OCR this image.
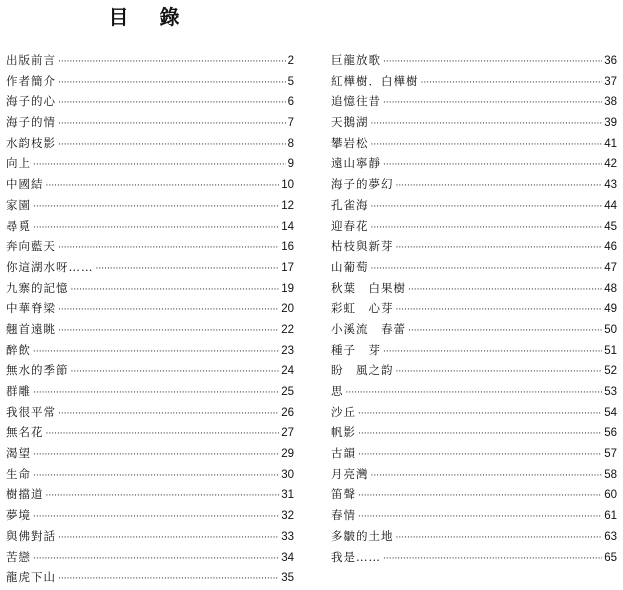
目 錄
出版前言 ·····	2
作者簡介 ·····	5
海子的心 ·····	6
海子的情 ·····	7
水韵枝影 ·····	8
向上 ·····	9
中國結 ·····	10
家園 ·····	12
尋覓 ·····	14
奔向藍天 ·····	16
你這湖水呀…… ·····	17
九寨的記憶 ·····	19
中華脊梁 ·····	20
翹首遠眺 ·····	22
醉飲 ·····	23
無水的季節 ·····	24
群雕 ·····	25
我很平常 ·····	26
無名花 ·····	27
渴望 ·····	29
生命 ·····	30
樹擋道 ·····	31
夢境 ·····	32
與佛對話 ·····	33
苦戀 ·····	34
龍虎下山 ·····	35
巨龍放歌 ·····	36
紅樺樹．白樺樹 ·····	37
追憶往昔 ·····	38
天鵝湖 ·····	39
攀岩松 ·····	41
遠山寧靜 ·····	42
海子的夢幻 ·····	43
孔雀海 ·····	44
迎春花 ·····	45
枯枝與新芽 ·····	46
山葡萄 ·····	47
秋葉　白果樹 ·····	48
彩虹　心芽 ·····	49
小溪流　春蕾 ·····	50
種子　芽 ·····	51
盼　風之韵 ·····	52
思 ·····	53
沙丘 ·····	54
帆影 ·····	56
古韻 ·····	57
月亮灣 ·····	58
笛聲 ·····	60
春情 ·····	61
多皺的土地 ·····	63
我是…… ·····	65
